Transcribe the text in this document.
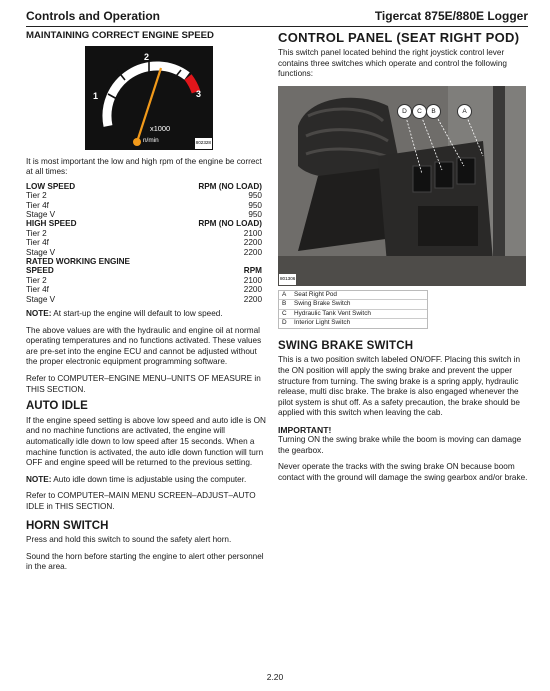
Controls and Operation	Tigercat 875E/880E Logger
MAINTAINING CORRECT ENGINE SPEED
1
2
3
x1000
n/min	802328

It is most important the low and high rpm of the engine be correct at all times:

LOW SPEED	RPM (NO LOAD)
Tier 2	950
Tier 4f	950
Stage V	950
HIGH SPEED	RPM (NO LOAD)
Tier 2	2100
Tier 4f	2200
Stage V	2200
RATED WORKING ENGINE SPEED	RPM
Tier 2	2100
Tier 4f	2200
Stage V	2200

NOTE: At start-up the engine will default to low speed.

The above values are with the hydraulic and engine oil at normal operating temperatures and no functions activated. These values are pre-set into the engine ECU and cannot be adjusted without the proper electronic equipment programming software.

Refer to COMPUTER–ENGINE MENU–UNITS OF MEASURE in THIS SECTION.

AUTO IDLE

If the engine speed setting is above low speed and auto idle is ON and no machine functions are activated, the engine will automatically idle down to low speed after 15 seconds. When a machine function is activated, the auto idle down function will turn OFF and engine speed will be returned to the previous setting.

NOTE: Auto idle down time is adjustable using the computer.

Refer to COMPUTER–MAIN MENU SCREEN–ADJUST–AUTO IDLE in THIS SECTION.

HORN SWITCH

Press and hold this switch to sound the safety alert horn.

Sound the horn before starting the engine to alert other personnel in the area.

CONTROL PANEL (SEAT RIGHT POD)

This switch panel located behind the right joystick control lever contains three switches which operate and control the following functions:

D	C	B	A
801306
A Seat Right Pod
B Swing Brake Switch
C Hydraulic Tank Vent Switch
D Interior Light Switch
SWING BRAKE SWITCH

This is a two position switch labeled ON/OFF. Placing this switch in the ON position will apply the swing brake and prevent the upper structure from turning. The swing brake is a spring apply, hydraulic release, multi disc brake. The brake is also engaged whenever the pilot system is shut off. As a safety precaution, the brake should be applied with this switch when leaving the cab.

IMPORTANT!

Turning ON the swing brake while the boom is moving can damage the gearbox.

Never operate the tracks with the swing brake ON because boom contact with the ground will damage the swing gearbox and/or brake.

2.20
